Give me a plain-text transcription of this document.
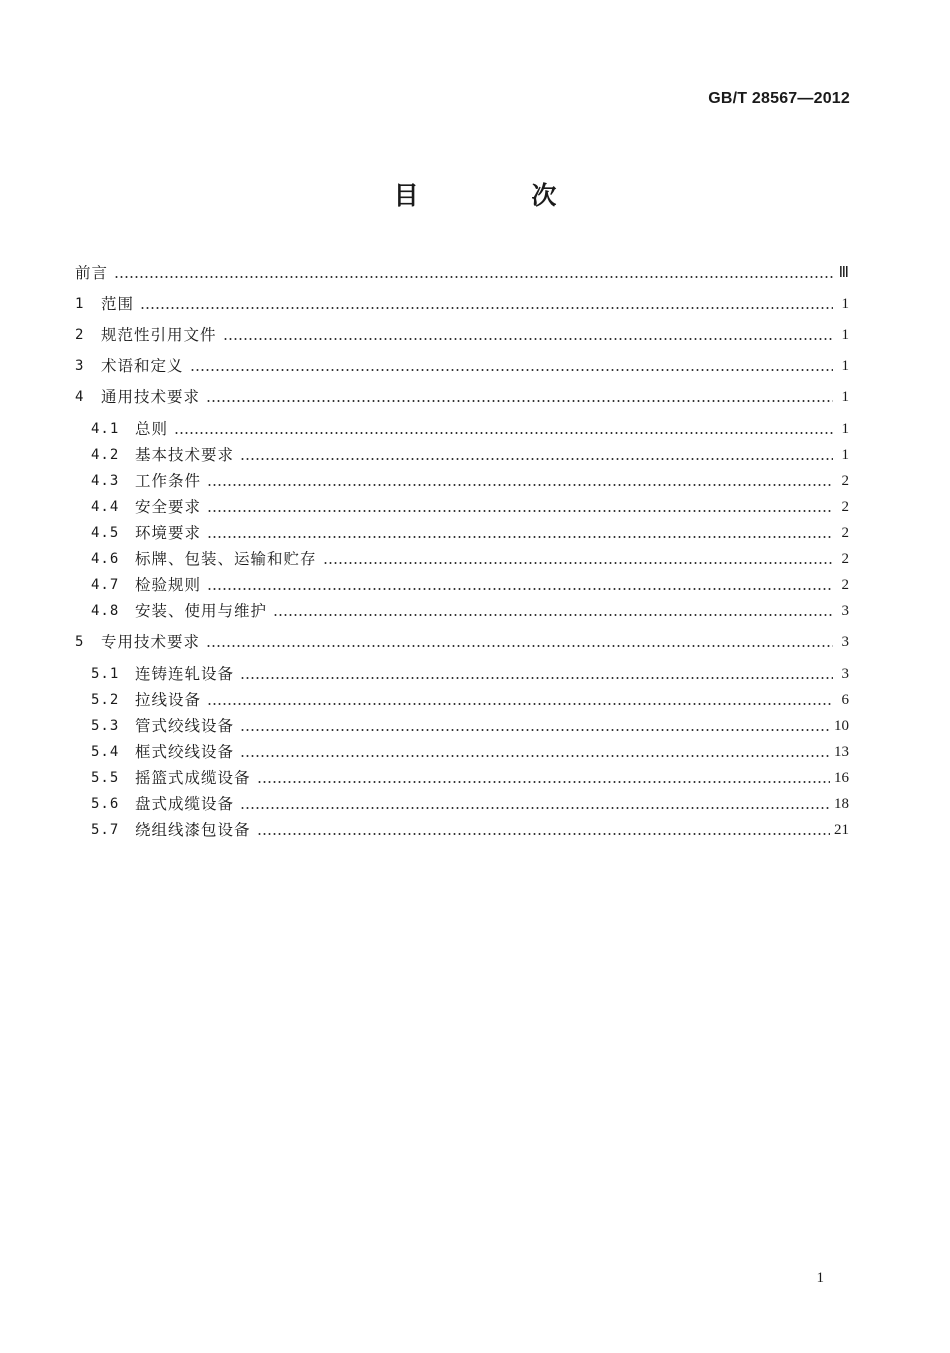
GB/T 28567—2012
目 次
前言	Ⅲ
1	范围	1
2	规范性引用文件	1
3	术语和定义	1
4	通用技术要求	1
4.1	总则	1
4.2	基本技术要求	1
4.3	工作条件	2
4.4	安全要求	2
4.5	环境要求	2
4.6	标牌、包装、运输和贮存	2
4.7	检验规则	2
4.8	安装、使用与维护	3
5	专用技术要求	3
5.1	连铸连轧设备	3
5.2	拉线设备	6
5.3	管式绞线设备	10
5.4	框式绞线设备	13
5.5	摇篮式成缆设备	16
5.6	盘式成缆设备	18
5.7	绕组线漆包设备	21
1
